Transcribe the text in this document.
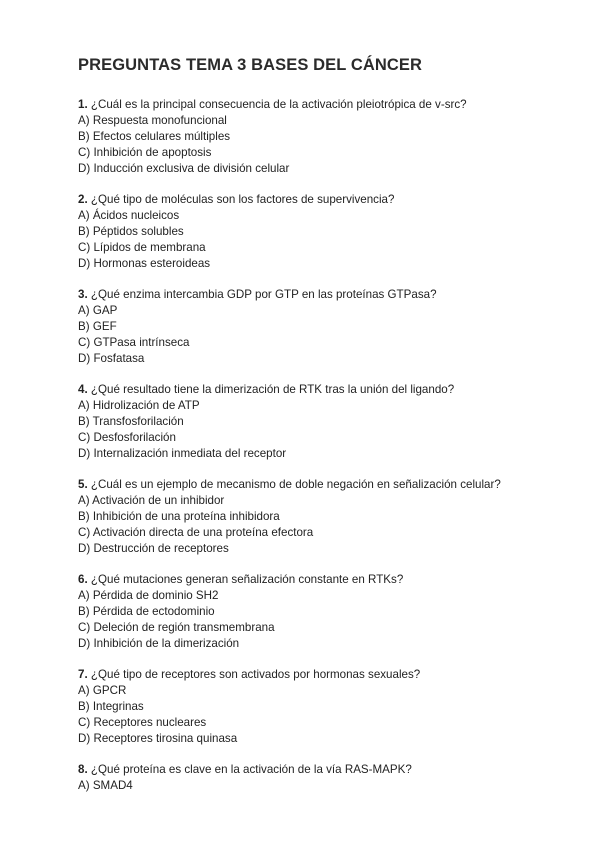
PREGUNTAS TEMA 3 BASES DEL CÁNCER

1. ¿Cuál es la principal consecuencia de la activación pleiotrópica de v-src?

A) Respuesta monofuncional

B) Efectos celulares múltiples

C) Inhibición de apoptosis

D) Inducción exclusiva de división celular

2. ¿Qué tipo de moléculas son los factores de supervivencia?

A) Ácidos nucleicos

B) Péptidos solubles

C) Lípidos de membrana

D) Hormonas esteroideas

3. ¿Qué enzima intercambia GDP por GTP en las proteínas GTPasa?

A) GAP

B) GEF

C) GTPasa intrínseca

D) Fosfatasa

4. ¿Qué resultado tiene la dimerización de RTK tras la unión del ligando?

A) Hidrolización de ATP

B) Transfosforilación

C) Desfosforilación

D) Internalización inmediata del receptor

5. ¿Cuál es un ejemplo de mecanismo de doble negación en señalización celular?

A) Activación de un inhibidor

B) Inhibición de una proteína inhibidora

C) Activación directa de una proteína efectora

D) Destrucción de receptores

6. ¿Qué mutaciones generan señalización constante en RTKs?

A) Pérdida de dominio SH2

B) Pérdida de ectodominio

C) Deleción de región transmembrana

D) Inhibición de la dimerización

7. ¿Qué tipo de receptores son activados por hormonas sexuales?

A) GPCR

B) Integrinas

C) Receptores nucleares

D) Receptores tirosina quinasa

8. ¿Qué proteína es clave en la activación de la vía RAS-MAPK?

A) SMAD4
